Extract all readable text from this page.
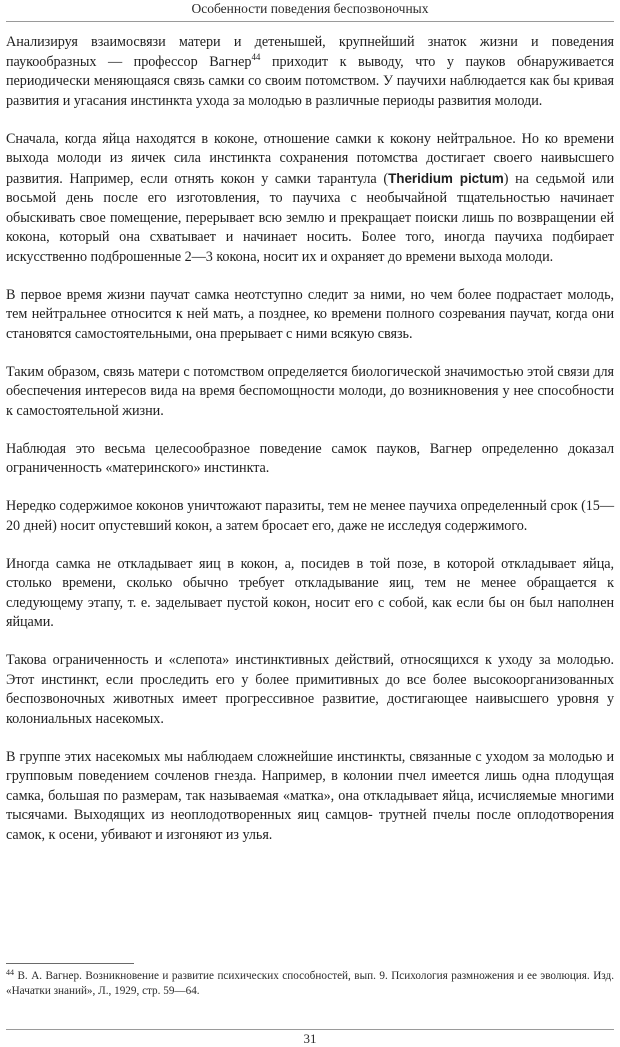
Особенности поведения беспозвоночных

Анализируя взаимосвязи матери и детенышей, крупнейший знаток жизни и поведения паукообразных — профессор Вагнер$^{44}$ приходит к выводу, что у пауков обнаруживается периодически меняющаяся связь самки со своим потомством. У паучихи наблюдается как бы кривая развития и угасания инстинкта ухода за молодью в различные периоды развития молоди.

Сначала, когда яйца находятся в коконе, отношение самки к кокону нейтральное. Но ко времени выхода молоди из яичек сила инстинкта сохранения потомства достигает своего наивысшего развития. Например, если отнять кокон у самки тарантула (Theridium pictum) на седьмой или восьмой день после его изготовления, то паучиха с необычайной тщательностью начинает обыскивать свое помещение, перерывает всю землю и прекращает поиски лишь по возвращении ей кокона, который она схватывает и начинает носить. Более того, иногда паучиха подбирает искусственно подброшенные 2—3 кокона, носит их и охраняет до времени выхода молоди.

В первое время жизни паучат самка неотступно следит за ними, но чем более подрастает молодь, тем нейтральнее относится к ней мать, а позднее, ко времени полного созревания паучат, когда они становятся самостоятельными, она прерывает с ними всякую связь.

Таким образом, связь матери с потомством определяется биологической значимостью этой связи для обеспечения интересов вида на время беспомощности молоди, до возникновения у нее способности к самостоятельной жизни.

Наблюдая это весьма целесообразное поведение самок пауков, Вагнер определенно доказал ограниченность «материнского» инстинкта.

Нередко содержимое коконов уничтожают паразиты, тем не менее паучиха определенный срок (15—20 дней) носит опустевший кокон, а затем бросает его, даже не исследуя содержимого.

Иногда самка не откладывает яиц в кокон, а, посидев в той позе, в которой откладывает яйца, столько времени, сколько обычно требует откладывание яиц, тем не менее обращается к следующему этапу, т. е. заделывает пустой кокон, носит его с собой, как если бы он был наполнен яйцами.

Такова ограниченность и «слепота» инстинктивных действий, относящихся к уходу за молодью. Этот инстинкт, если проследить его у более примитивных до все более высокоорганизованных беспозвоночных животных имеет прогрессивное развитие, достигающее наивысшего уровня у колониальных насекомых.

В группе этих насекомых мы наблюдаем сложнейшие инстинкты, связанные с уходом за молодью и групповым поведением сочленов гнезда. Например, в колонии пчел имеется лишь одна плодущая самка, большая по размерам, так называемая «матка», она откладывает яйца, исчисляемые многими тысячами. Выходящих из неоплодотворенных яиц самцов- трутней пчелы после оплодотворения самок, к осени, убивают и изгоняют из улья.

$^{44}$ В. А. Вагнер. Возникновение и развитие психических способностей, вып. 9. Психология размножения и ее эволюция. Изд. «Начатки знаний», Л., 1929, стр. 59—64.

31
